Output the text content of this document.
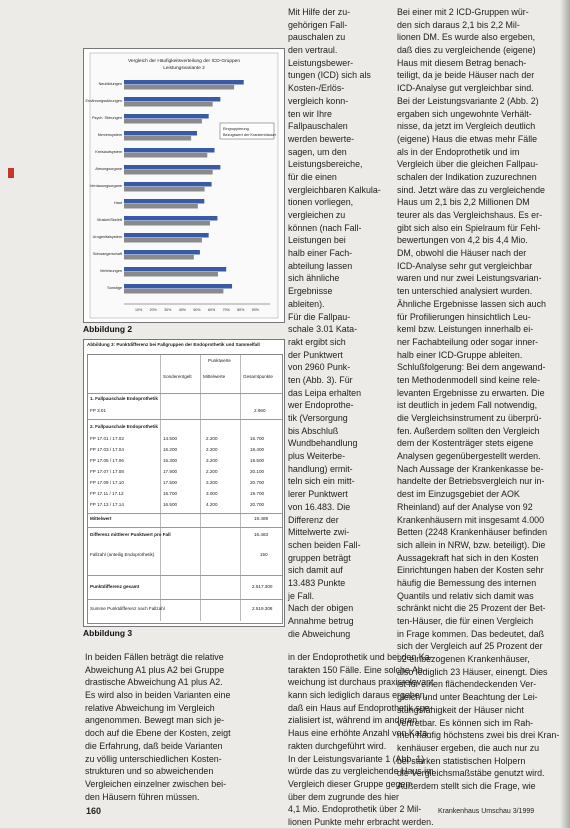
Vergleich der Häufigkeitsverteilung der ICD-Gruppen
Leistungsvariante 2
Neubildungen
Ernährungsstörungen
Psych. Störungen
Nervensystem
Kreislaufsystem
Atmungsorgane
Verdauungsorgane
Haut
Muskel/Skelett
Urogenitalsystem
Schwangerschaft
Verletzungen
Sonstige
Eingruppierung
Bezugswert der Krankenhäuser
10% 20% 30% 40% 50% 60% 70% 80% 90%
Abbildung 2
Abbildung 3: Punktdifferenz bei Fallgruppen der Endoprothetik und Sammelfall
Punktwerte
Sonderentgelt Mittelwerte	Gesamtpunkte
1. Fallpauschale Endoprothetik
FP 3.01	2.960
2. Fallpauschale Endoprothetik
FP 17.01 / 17.02	14.500	2.200	16.700
FP 17.03 / 17.04	16.200	2.200	18.400
FP 17.05 / 17.06	15.300	3.200	18.500
FP 17.07 / 17.08	17.900	2.200	20.100
FP 17.09 / 17.10	17.500	3.200	20.700
FP 17.11 / 17.12	16.700	3.000	19.700
FP 17.13 / 17.14	16.500	4.200	20.700
Mittelwert	19.489
Differenz mittlerer Punktwert pro Fall	16.483
Fallzahl (anteilig Endoprothetik)	150
Punktdifferenz gesamt	2.517.300
Summe Punktdifferenz nach Fallzahl	2.519.308
Abbildung 3
Mit Hilfe der zu-
gehörigen Fall-
pauschalen zu
den vertraul.
Leistungsbewer-
tungen (ICD) sich als
Kosten-/Erlös-
vergleich konn-
ten wir Ihre
Fallpauschalen
werden bewerte-
sagen, um den
Leistungsbereiche,
für die einen
vergleichbaren Kalkula-
tionen vorliegen,
vergleichen zu
können (nach Fall-
Leistungen bei
halb einer Fach-
abteilung lassen
sich ähnliche
Ergebnisse
ableiten).
Für die Fallpau-
schale 3.01 Kata-
rakt ergibt sich
der Punktwert
von 2960 Punk-
ten (Abb. 3). Für
das Leipa erhalten
wer Endoprothe-
tik (Versorgung
bis Abschluß
Wundbehandlung
plus Weiterbe-
handlung) ermit-
teln sich ein mitt-
lerer Punktwert
von 16.483. Die
Differenz der
Mittelwerte zwi-
schen beiden Fall-
gruppen beträgt
sich damit auf
13.483 Punkte
je Fall.
Nach der obigen
Annahme betrug
die Abweichung
Bei einer mit 2 ICD-Gruppen wür-
den sich daraus 2,1 bis 2,2 Mil-
lionen DM. Es wurde also ergeben,
daß dies zu vergleichende (eigene)
Haus mit diesem Betrag benach-
teiligt, da je beide Häuser nach der
ICD-Analyse gut vergleichbar sind.
Bei der Leistungsvariante 2 (Abb. 2)
ergaben sich ungewohnte Verhält-
nisse, da jetzt im Vergleich deutlich
(eigene) Haus die etwas mehr Fälle
als in der Endoprothetik und im
Vergleich über die gleichen Fallpau-
schalen der Indikation zuzurechnen
sind. Jetzt wäre das zu vergleichende
Haus um 2,1 bis 2,2 Millionen DM
teurer als das Vergleichshaus. Es er-
gibt sich also ein Spielraum für Fehl-
bewertungen von 4,2 bis 4,4 Mio.
DM, obwohl die Häuser nach der
ICD-Analyse sehr gut vergleichbar
waren und nur zwei Leistungsvarian-
ten unterschied analysiert wurden.
Ähnliche Ergebnisse lassen sich auch
für Profilierungen hinsichtlich Leu-
keml bzw. Leistungen innerhalb ei-
ner Fachabteilung oder sogar inner-
halb einer ICD-Gruppe ableiten.
Schlußfolgerung: Bei dem angewand-
ten Methodenmodell sind keine rele-
levanten Ergebnisse zu erwarten. Die
ist deutlich in jedem Fall notwendig,
die Vergleichsinstrument zu überprü-
fen. Außerdem sollten den Vergleich
dem der Kostenträger stets eigene
Analysen gegenübergestellt werden.
Nach Aussage der Krankenkasse be-
handelte der Betriebsvergleich nur in-
dest im Einzugsgebiet der AOK
Rheinland) auf der Analyse von 92
Krankenhäusern mit insgesamt 4.000
Betten (2248 Krankenhäuser befinden
sich allein in NRW, bzw. beteiligt). Die
Aussagekraft hat sich in den Kosten
Einrichtungen haben der Kosten sehr
häufig die Bemessung des internen
Quantils und relativ sich damit was
schränkt nicht die 25 Prozent der Bet-
ten-Häuser, die für einen Vergleich
in Frage kommen. Das bedeutet, daß
sich der Vergleich auf 25 Prozent der
92 einbezogenen Krankenhäuser,
also lediglich 23 Häuser, einengt. Dies
ist für einen flächendeckenden Ver-
gleich und unter Beachtung der Lei-
stungsfähigkeit der Häuser nicht
vertretbar. Es können sich im Rah-
men häufig höchstens zwei bis drei Kran-
kenhäuser ergeben, die auch nur zu
bei starken statistischen Holpern
die Vergleichsmaßstäbe genutzt wird.
Außerdem stellt sich die Frage, wie
In beiden Fällen beträgt die relative
Abweichung A1 plus A2 bei Gruppe
drastische Abweichung A1 plus A2.
Es wird also in beiden Varianten eine
relative Abweichung im Vergleich
angenommen. Bewegt man sich je-
doch auf die Ebene der Kosten, zeigt
die Erfahrung, daß beide Varianten
zu völlig unterschiedlichen Kosten-
strukturen und so abweichenden
Vergleichen einzelner zwischen bei-
den Häusern führen müssen.
in der Endoprothetik und bei den Ka-
tarakten 150 Fälle. Eine solche Ab-
weichung ist durchaus praxisrelevant
kann sich lediglich daraus ergeben,
daß ein Haus auf Endoprothetik spe-
zialisiert ist, während im anderen
Haus eine erhöhte Anzahl von Kata-
rakten durchgeführt wird.
In der Leistungsvariante 1 (Abb. 1)
würde das zu vergleichende Haus im
Vergleich dieser Gruppe gegen-
über dem zugrunde des hier
4,1 Mio. Endoprothetik über 2 Mil-
lionen Punkte mehr erbracht werden.
160	Krankenhaus Umschau 3/1999
